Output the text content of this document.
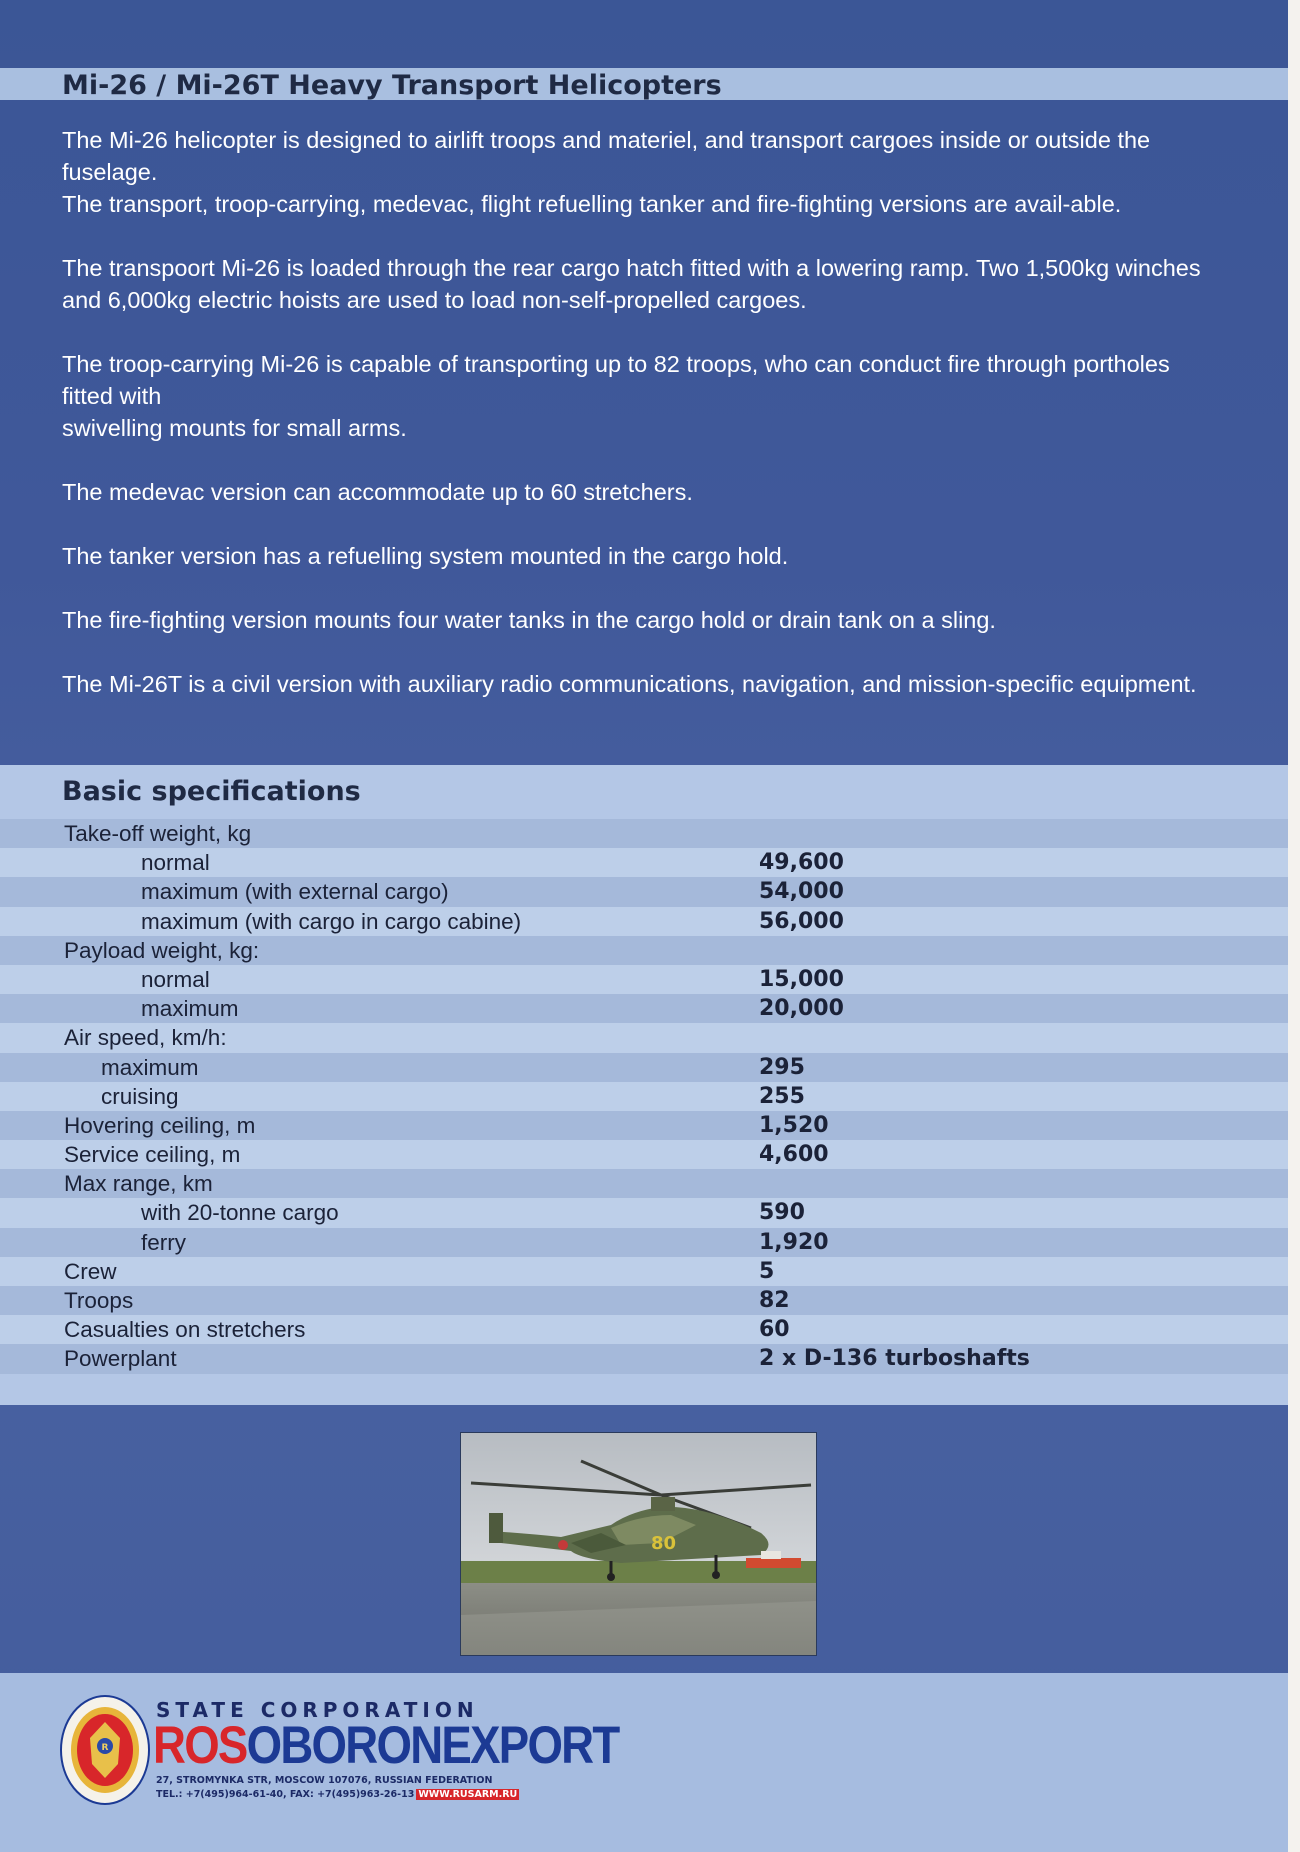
Mi-26 / Mi-26T Heavy Transport Helicopters

The Mi-26 helicopter is designed to airlift troops and materiel, and transport cargoes inside or outside the fuselage.
The transport, troop-carrying, medevac, flight refuelling tanker and fire-fighting versions are avail-able.

The transpoort Mi-26 is loaded through the rear cargo hatch fitted with a lowering ramp. Two 1,500kg winches and 6,000kg electric hoists are used to load non-self-propelled cargoes.

The troop-carrying Mi-26 is capable of transporting up to 82 troops, who can conduct fire through portholes fitted with
swivelling mounts for small arms.

The medevac version can accommodate up to 60 stretchers.

The tanker version has a refuelling system mounted in the cargo hold.

The fire-fighting version mounts four water tanks in the cargo hold or drain tank on a sling.

The Mi-26T is a civil version with auxiliary radio communications, navigation, and mission-specific equipment.

Basic specifications
Take-off weight, kg
normal	49,600
maximum (with external cargo)	54,000
maximum (with cargo in cargo cabine)	56,000
Payload weight, kg:
normal	15,000
maximum	20,000
Air speed, km/h:
maximum	295
cruising	255
Hovering ceiling, m	1,520
Service ceiling, m	4,600
Max range, km
with 20-tonne cargo	590
ferry	1,920
Crew	5
Troops	82
Casualties on stretchers	60
Powerplant	2 x D-136 turboshafts
80
R
STATE CORPORATION
ROSOBORONEXPORT
27, STROMYNKA STR, MOSCOW 107076, RUSSIAN FEDERATION
TEL.: +7(495)964-61-40, FAX: +7(495)963-26-13 WWW.RUSARM.RU
